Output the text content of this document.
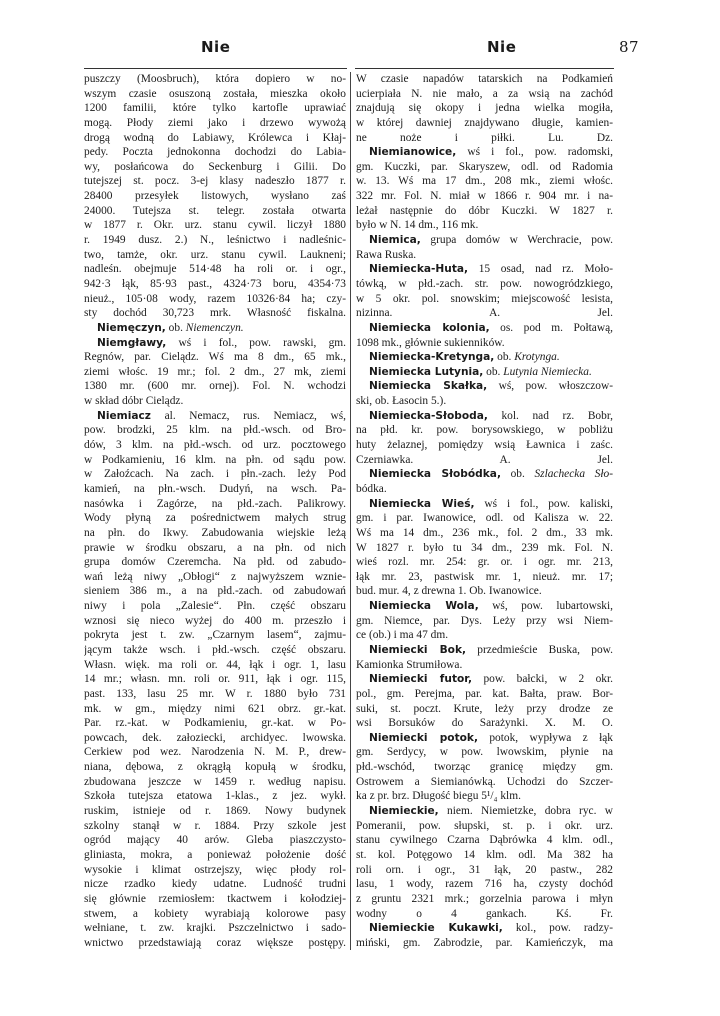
Nie	Nie	87
puszczy (Moosbruch), która dopiero w no-
wszym czasie osuszoną została, mieszka około
1200 familii, które tylko kartofle uprawiać
mogą. Płody ziemi jako i drzewo wywożą
drogą wodną do Labiawy, Królewca i Kłaj-
pedy. Poczta jednokonna dochodzi do Labia-
wy, posłańcowa do Seckenburg i Gilii. Do
tutejszej st. pocz. 3-ej klasy nadeszło 1877 r.
28400 przesyłek listowych, wysłano zaś
24000. Tutejsza st. telegr. została otwarta
w 1877 r. Okr. urz. stanu cywil. liczył 1880
r. 1949 dusz. 2.) N., leśnictwo i nadleśnic-
two, tamże, okr. urz. stanu cywil. Laukneni;
nadleśn. obejmuje 514·48 ha roli or. i ogr.,
942·3 łąk, 85·93 past., 4324·73 boru, 4354·73
nieuż., 105·08 wody, razem 10326·84 ha; czy-
sty dochód 30,723 mrk. Własność fiskalna.
Niemęczyn, ob. Niemenczyn.
Niemgławy, wś i fol., pow. rawski, gm.
Regnów, par. Cielądz. Wś ma 8 dm., 65 mk.,
ziemi włośc. 19 mr.; fol. 2 dm., 27 mk, ziemi
1380 mr. (600 mr. ornej). Fol. N. wchodzi
w skład dóbr Cielądz.
Niemiacz al. Nemacz, rus. Nemiacz, wś,
pow. brodzki, 25 klm. na płd.-wsch. od Bro-
dów, 3 klm. na płd.-wsch. od urz. pocztowego
w Podkamieniu, 16 klm. na płn. od sądu pow.
w Załoźcach. Na zach. i płn.-zach. leży Pod
kamień, na płn.-wsch. Dudyń, na wsch. Pa-
nasówka i Zagórze, na płd.-zach. Palikrowy.
Wody płyną za pośrednictwem małych strug
na płn. do Ikwy. Zabudowania wiejskie leżą
prawie w środku obszaru, a na płn. od nich
grupa domów Czeremcha. Na płd. od zabudo-
wań leżą niwy „Obłogi“ z najwyższem wznie-
sieniem 386 m., a na płd.-zach. od zabudowań
niwy i pola „Zalesie“. Płn. część obszaru
wznosi się nieco wyżej do 400 m. przeszło i
pokryta jest t. zw. „Czarnym lasem“, zajmu-
jącym także wsch. i płd.-wsch. część obszaru.
Własn. więk. ma roli or. 44, łąk i ogr. 1, lasu
14 mr.; własn. mn. roli or. 911, łąk i ogr. 115,
past. 133, lasu 25 mr. W r. 1880 było 731
mk. w gm., między nimi 621 obrz. gr.-kat.
Par. rz.-kat. w Podkamieniu, gr.-kat. w Po-
powcach, dek. załoziecki, archidyec. lwowska.
Cerkiew pod wez. Narodzenia N. M. P., drew-
niana, dębowa, z okrągłą kopułą w środku,
zbudowana jeszcze w 1459 r. według napisu.
Szkoła tutejsza etatowa 1-klas., z jez. wykł.
ruskim, istnieje od r. 1869. Nowy budynek
szkolny stanął w r. 1884. Przy szkole jest
ogród mający 40 arów. Gleba piaszczysto-
gliniasta, mokra, a ponieważ położenie dość
wysokie i klimat ostrzejszy, więc płody rol-
nicze rzadko kiedy udatne. Ludność trudni
się głównie rzemiosłem: tkactwem i kołodziej-
stwem, a kobiety wyrabiają kolorowe pasy
wełniane, t. zw. krajki. Pszczelnictwo i sado-
wnictwo przedstawiają coraz większe postępy.
W czasie napadów tatarskich na Podkamień
ucierpiała N. nie mało, a za wsią na zachód
znajdują się okopy i jedna wielka mogiła,
w której dawniej znajdywano długie, kamien-
ne noże i piłki. Lu. Dz.
Niemianowice, wś i fol., pow. radomski,
gm. Kuczki, par. Skaryszew, odl. od Radomia
w. 13. Wś ma 17 dm., 208 mk., ziemi włośc.
322 mr. Fol. N. miał w 1866 r. 904 mr. i na-
leżał następnie do dóbr Kuczki. W 1827 r.
było w N. 14 dm., 116 mk.
Niemica, grupa domów w Werchracie, pow.
Rawa Ruska.
Niemiecka-Huta, 15 osad, nad rz. Moło-
tówką, w płd.-zach. str. pow. nowogródzkiego,
w 5 okr. pol. snowskim; miejscowość lesista,
nizinna. A. Jel.
Niemiecka kolonia, os. pod m. Połtawą,
1098 mk., głównie sukienników.
Niemiecka-Kretynga, ob. Krotynga.
Niemiecka Lutynia, ob. Lutynia Niemiecka.
Niemiecka Skałka, wś, pow. włoszczow-
ski, ob. Łasocin 5.).
Niemiecka-Słoboda, kol. nad rz. Bobr,
na płd. kr. pow. borysowskiego, w pobliżu
huty żelaznej, pomiędzy wsią Ławnica i zaśc.
Czerniawka. A. Jel.
Niemiecka Słobódka, ob. Szlachecka Sło-
bódka.
Niemiecka Wieś, wś i fol., pow. kaliski,
gm. i par. Iwanowice, odl. od Kalisza w. 22.
Wś ma 14 dm., 236 mk., fol. 2 dm., 33 mk.
W 1827 r. było tu 34 dm., 239 mk. Fol. N.
wieś rozl. mr. 254: gr. or. i ogr. mr. 213,
łąk mr. 23, pastwisk mr. 1, nieuż. mr. 17;
bud. mur. 4, z drewna 1. Ob. Iwanowice.
Niemiecka Wola, wś, pow. lubartowski,
gm. Niemce, par. Dys. Leży przy wsi Niem-
ce (ob.) i ma 47 dm.
Niemiecki Bok, przedmieście Buska, pow.
Kamionka Strumiłowa.
Niemiecki futor, pow. bałcki, w 2 okr.
pol., gm. Perejma, par. kat. Bałta, praw. Bor-
suki, st. poczt. Krute, leży przy drodze ze
wsi Borsuków do Sarażynki. X. M. O.
Niemiecki potok, potok, wypływa z łąk
gm. Serdycy, w pow. lwowskim, płynie na
płd.-wschód, tworząc granicę między gm.
Ostrowem a Siemianówką. Uchodzi do Szczer-
ka z pr. brz. Długość biegu 5¹/₄ klm.
Niemieckie, niem. Niemietzke, dobra ryc. w
Pomeranii, pow. słupski, st. p. i okr. urz.
stanu cywilnego Czarna Dąbrówka 4 klm. odl.,
st. kol. Potęgowo 14 klm. odl. Ma 382 ha
roli orn. i ogr., 31 łąk, 20 pastw., 282
lasu, 1 wody, razem 716 ha, czysty dochód
z gruntu 2321 mrk.; gorzelnia parowa i młyn
wodny o 4 gankach. Kś. Fr.
Niemieckie Kukawki, kol., pow. radzy-
miński, gm. Zabrodzie, par. Kamieńczyk, ma
